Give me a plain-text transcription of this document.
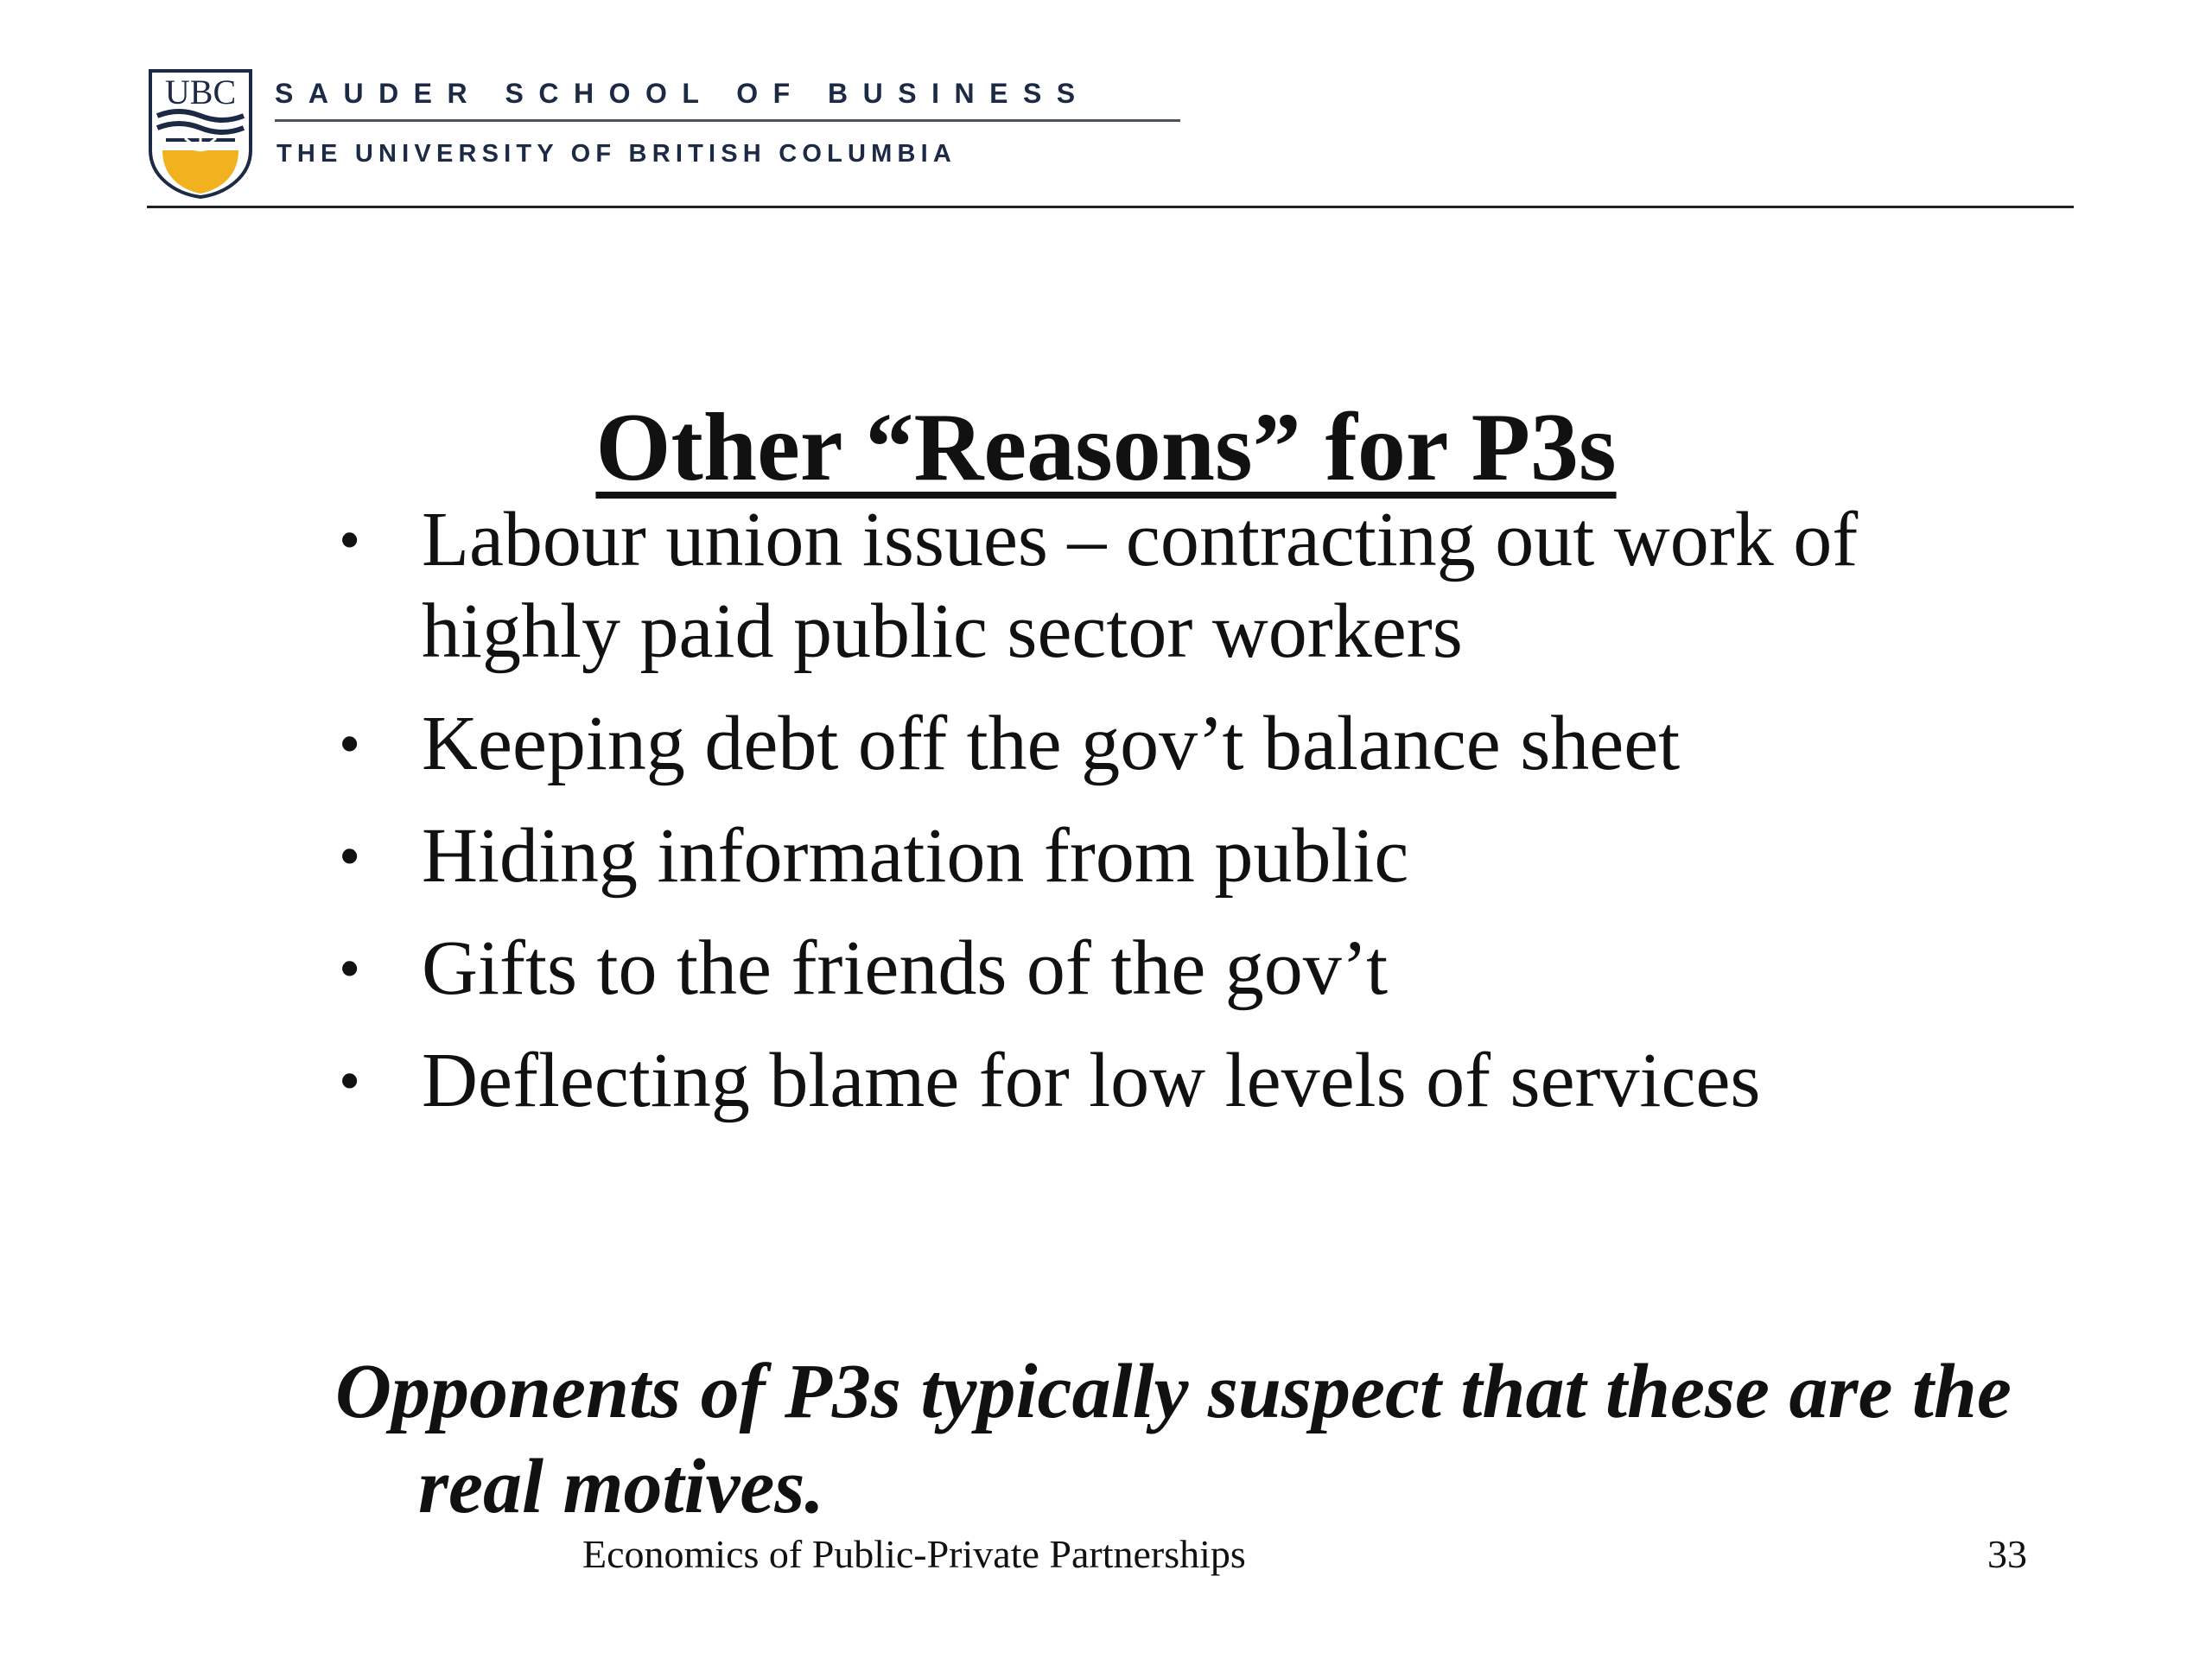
UBC SAUDER SCHOOL OF BUSINESS
THE UNIVERSITY OF BRITISH COLUMBIA
Other “Reasons” for P3s
• Labour union issues – contracting out work of highly paid public sector workers
• Keeping debt off the gov’t balance sheet
• Hiding information from public
• Gifts to the friends of the gov’t
• Deflecting blame for low levels of services

Opponents of P3s typically suspect that these are the real motives.

Economics of Public-Private Partnerships	33
